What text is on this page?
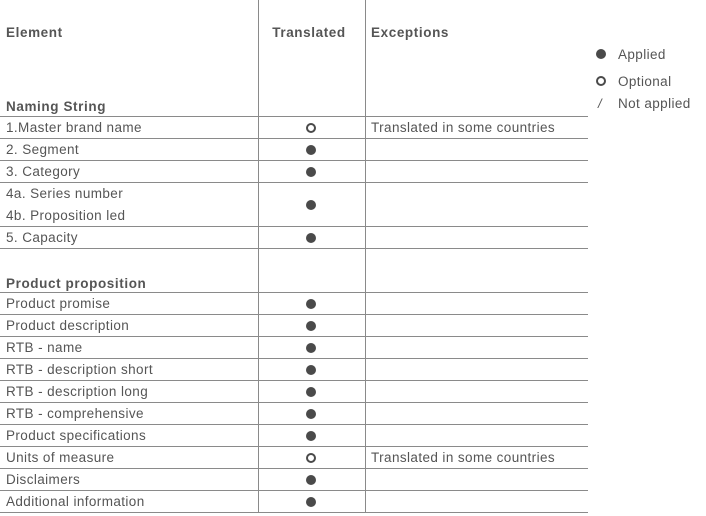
Element
Naming String
Translated Exceptions
1.Master brand name	Translated in some countries
2. Segment
3. Category
4a. Series number
4b. Proposition led
5. Capacity
Product proposition
Product promise
Product description
RTB - name
RTB - description short
RTB - description long
RTB - comprehensive
Product specifications
Units of measure	Translated in some countries
Disclaimers
Additional information
Applied
Optional
/ Not applied
